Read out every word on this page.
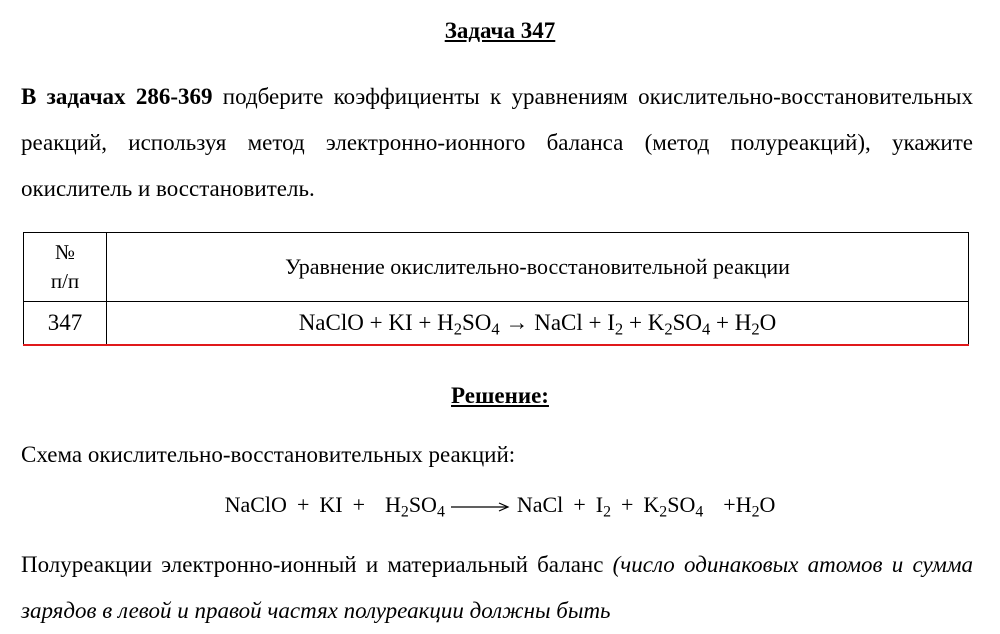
Задача 347
В задачах 286-369 подберите коэффициенты к уравнениям окислительно-восстановительных реакций, используя метод электронно-ионного баланса (метод полуреакций), укажите окислитель и восстановитель.
№
п/п	Уравнение окислительно-восстановительной реакции
347	NaClO + KI + $H_2SO_4$ → NaCl + $I_2 + K_2SO_4 + H_2O$
Решение:
Схема окислительно-восстановительных реакций:
NaClO + KI + $H_2SO_4$	NaCl + $I_2 + K_2SO_4 +H_2O$
Полуреакции электронно-ионный и материальный баланс (число одинаковых атомов и сумма зарядов в левой и правой частях полуреакции должны быть
